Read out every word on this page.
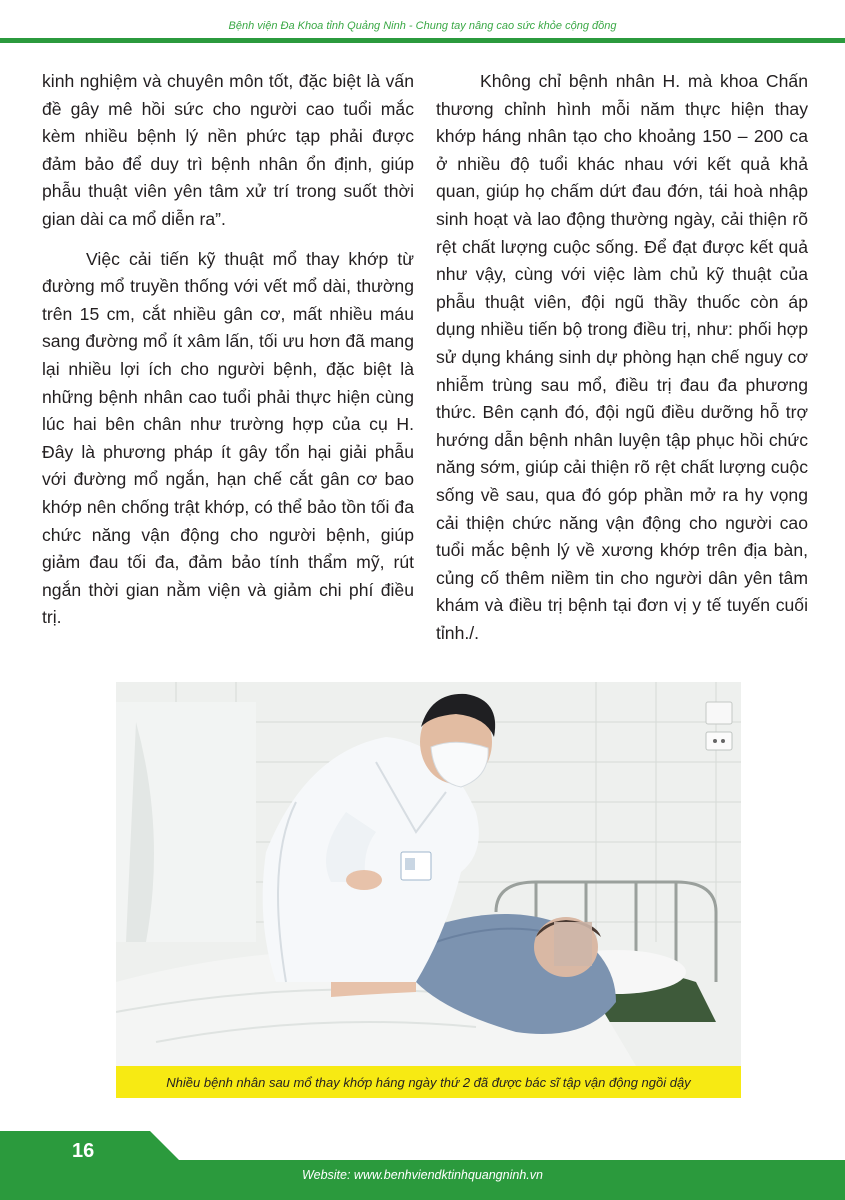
Bệnh viện Đa Khoa tỉnh Quảng Ninh - Chung tay nâng cao sức khỏe cộng đồng

kinh nghiệm và chuyên môn tốt, đặc biệt là vấn đề gây mê hồi sức cho người cao tuổi mắc kèm nhiều bệnh lý nền phức tạp phải được đảm bảo để duy trì bệnh nhân ổn định, giúp phẫu thuật viên yên tâm xử trí trong suốt thời gian dài ca mổ diễn ra”.

Việc cải tiến kỹ thuật mổ thay khớp từ đường mổ truyền thống với vết mổ dài, thường trên 15 cm, cắt nhiều gân cơ, mất nhiều máu sang đường mổ ít xâm lấn, tối ưu hơn đã mang lại nhiều lợi ích cho người bệnh, đặc biệt là những bệnh nhân cao tuổi phải thực hiện cùng lúc hai bên chân như trường hợp của cụ H. Đây là phương pháp ít gây tổn hại giải phẫu với đường mổ ngắn, hạn chế cắt gân cơ bao khớp nên chống trật khớp, có thể bảo tồn tối đa chức năng vận động cho người bệnh, giúp giảm đau tối đa, đảm bảo tính thẩm mỹ, rút ngắn thời gian nằm viện và giảm chi phí điều trị.

Không chỉ bệnh nhân H. mà khoa Chấn thương chỉnh hình mỗi năm thực hiện thay khớp háng nhân tạo cho khoảng 150 – 200 ca ở nhiều độ tuổi khác nhau với kết quả khả quan, giúp họ chấm dứt đau đớn, tái hoà nhập sinh hoạt và lao động thường ngày, cải thiện rõ rệt chất lượng cuộc sống. Để đạt được kết quả như vậy, cùng với việc làm chủ kỹ thuật của phẫu thuật viên, đội ngũ thầy thuốc còn áp dụng nhiều tiến bộ trong điều trị, như: phối hợp sử dụng kháng sinh dự phòng hạn chế nguy cơ nhiễm trùng sau mổ, điều trị đau đa phương thức. Bên cạnh đó, đội ngũ điều dưỡng hỗ trợ hướng dẫn bệnh nhân luyện tập phục hồi chức năng sớm, giúp cải thiện rõ rệt chất lượng cuộc sống về sau, qua đó góp phần mở ra hy vọng cải thiện chức năng vận động cho người cao tuổi mắc bệnh lý về xương khớp trên địa bàn, củng cố thêm niềm tin cho người dân yên tâm khám và điều trị bệnh tại đơn vị y tế tuyến cuối tỉnh./.

Nhiều bệnh nhân sau mổ thay khớp háng ngày thứ 2 đã được bác sĩ tập vận động ngồi dậy
16
Website: www.benhviendktinhquangninh.vn
